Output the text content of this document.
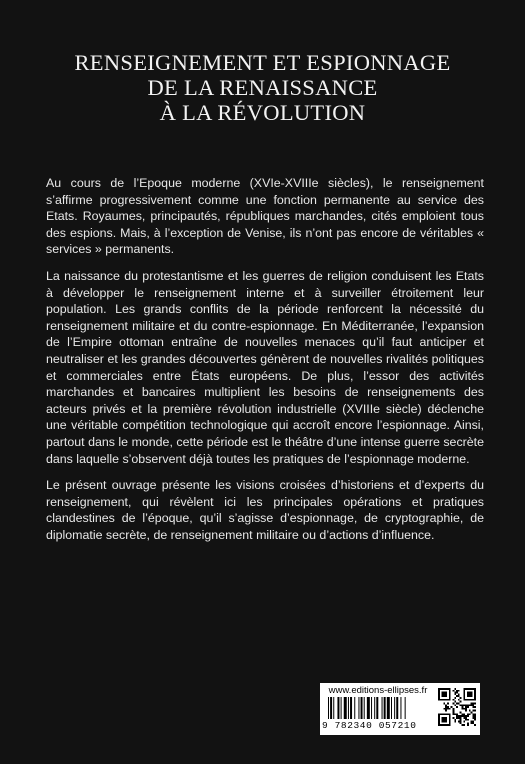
RENSEIGNEMENT ET ESPIONNAGE
DE LA RENAISSANCE
À LA RÉVOLUTION

Au cours de l’Epoque moderne (XVIe-XVIIIe siècles), le renseignement s’affirme progressivement comme une fonction permanente au service des Etats. Royaumes, principautés, républiques marchandes, cités emploient tous des espions. Mais, à l’exception de Venise, ils n’ont pas encore de véritables « services » permanents.

La naissance du protestantisme et les guerres de religion conduisent les Etats à développer le renseignement interne et à surveiller étroitement leur population. Les grands conflits de la période renforcent la nécessité du renseignement militaire et du contre-espionnage. En Méditerranée, l’expansion de l’Empire ottoman entraîne de nouvelles menaces qu’il faut anticiper et neutraliser et les grandes découvertes génèrent de nouvelles rivalités politiques et commerciales entre États européens. De plus, l’essor des activités marchandes et bancaires multiplient les besoins de renseignements des acteurs privés et la première révolution industrielle (XVIIIe siècle) déclenche une véritable compétition technologique qui accroît encore l’espionnage. Ainsi, partout dans le monde, cette période est le théâtre d’une intense guerre secrète dans laquelle s’observent déjà toutes les pratiques de l’espionnage moderne.

Le présent ouvrage présente les visions croisées d’historiens et d’experts du renseignement, qui révèlent ici les principales opérations et pratiques clandestines de l’époque, qu’il s’agisse d’espionnage, de cryptographie, de diplomatie secrète, de renseignement militaire ou d’actions d’influence.

www.editions-ellipses.fr
9 782340 057210
